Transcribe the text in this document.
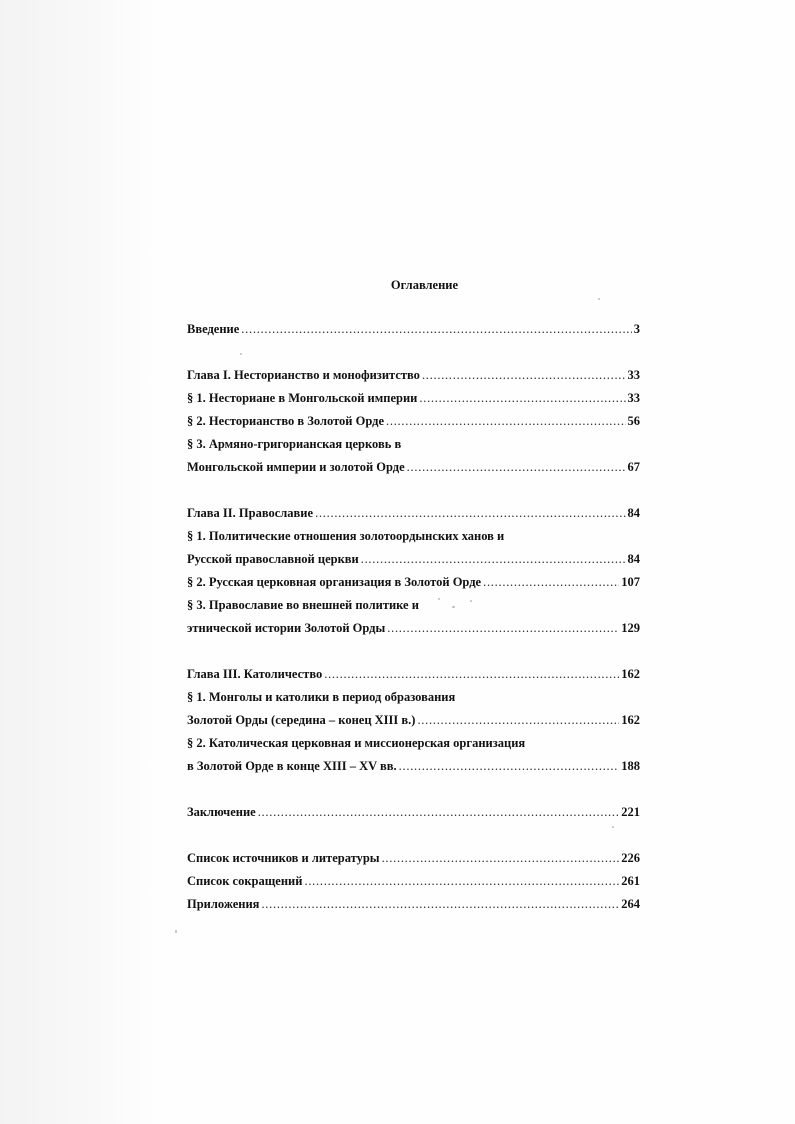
Оглавление
Введение . . .	3
Глава I. Несторианство и монофизитство . . .	33
§ 1. Несториане в Монгольской империи . . .	33
§ 2. Несторианство в Золотой Орде . . .	56
§ 3. Армяно-григорианская церковь в
Монгольской империи и золотой Орде . . .	67
Глава II. Православие . . .	84
§ 1. Политические отношения золотоордынских ханов и
Русской православной церкви . . .	84
§ 2. Русская церковная организация в Золотой Орде . . .	107
§ 3. Православие во внешней политике и
этнической истории Золотой Орды . . .	129
Глава III. Католичество . . .	162
§ 1. Монголы и католики в период образования
Золотой Орды (середина – конец XIII в.) . . .	162
§ 2. Католическая церковная и миссионерская организация
в Золотой Орде в конце XIII – XV вв. . . .	188
Заключение . . .	221
Список источников и литературы . . .	226
Список сокращений . . .	261
Приложения . . .	264
